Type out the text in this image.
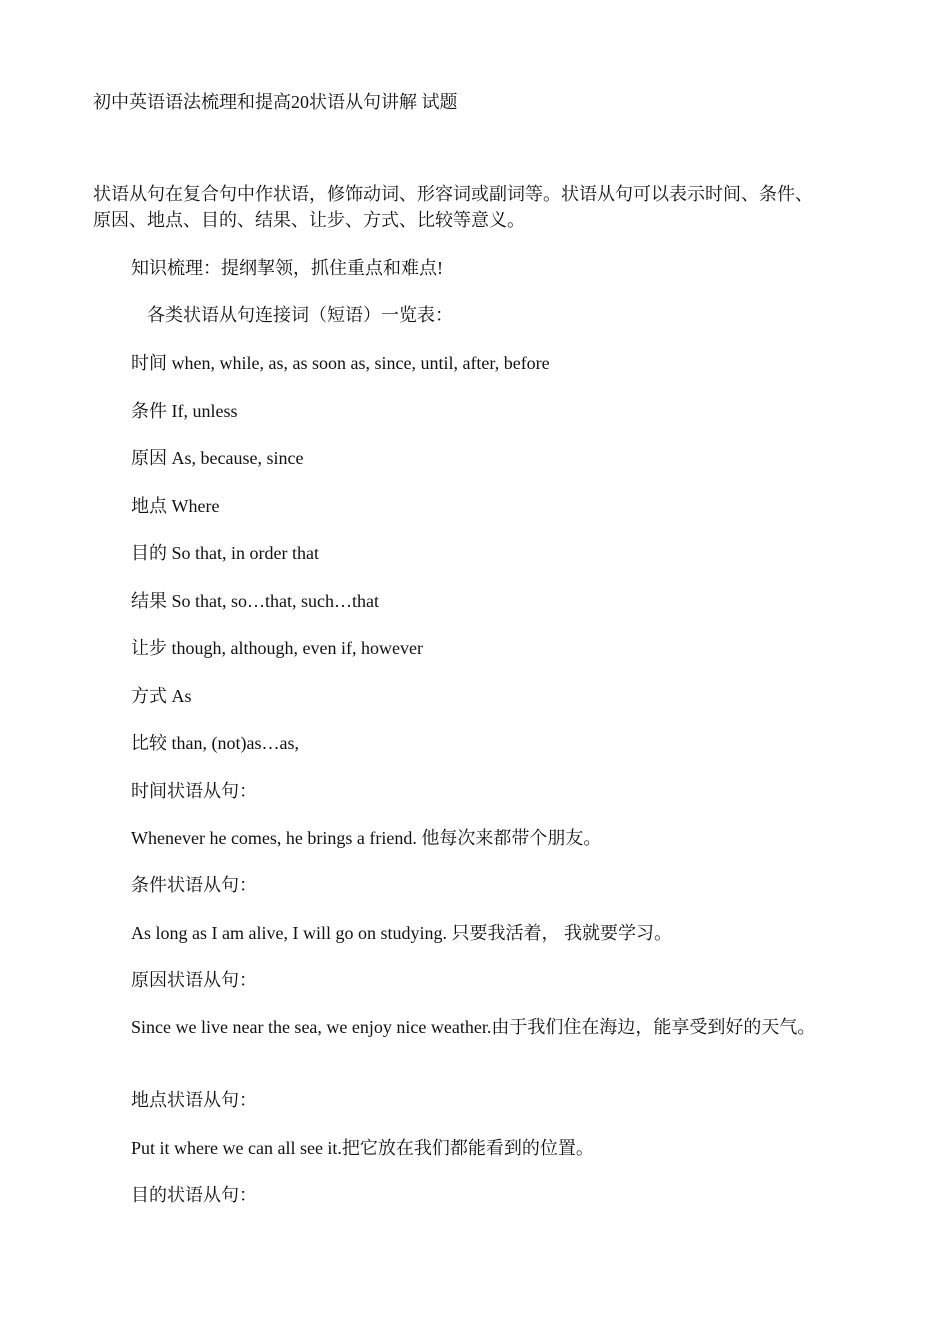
初中英语语法梳理和提高20状语从句讲解 试题
状语从句在复合句中作状语，修饰动词、形容词或副词等。状语从句可以表示时间、条件、原因、地点、目的、结果、让步、方式、比较等意义。
知识梳理：提纲挈领，抓住重点和难点!
各类状语从句连接词（短语）一览表：
时间 when, while, as, as soon as, since, until, after, before
条件 If, unless
原因 As, because, since
地点 Where
目的 So that, in order that
结果 So that, so…that, such…that
让步 though, although, even if, however
方式 As
比较 than, (not)as…as,
时间状语从句：
Whenever he comes, he brings a friend. 他每次来都带个朋友。
条件状语从句：
As long as I am alive, I will go on studying. 只要我活着， 我就要学习。
原因状语从句：
Since we live near the sea, we enjoy nice weather.由于我们住在海边，能享受到好的天气。
地点状语从句：
Put it where we can all see it.把它放在我们都能看到的位置。
目的状语从句：
